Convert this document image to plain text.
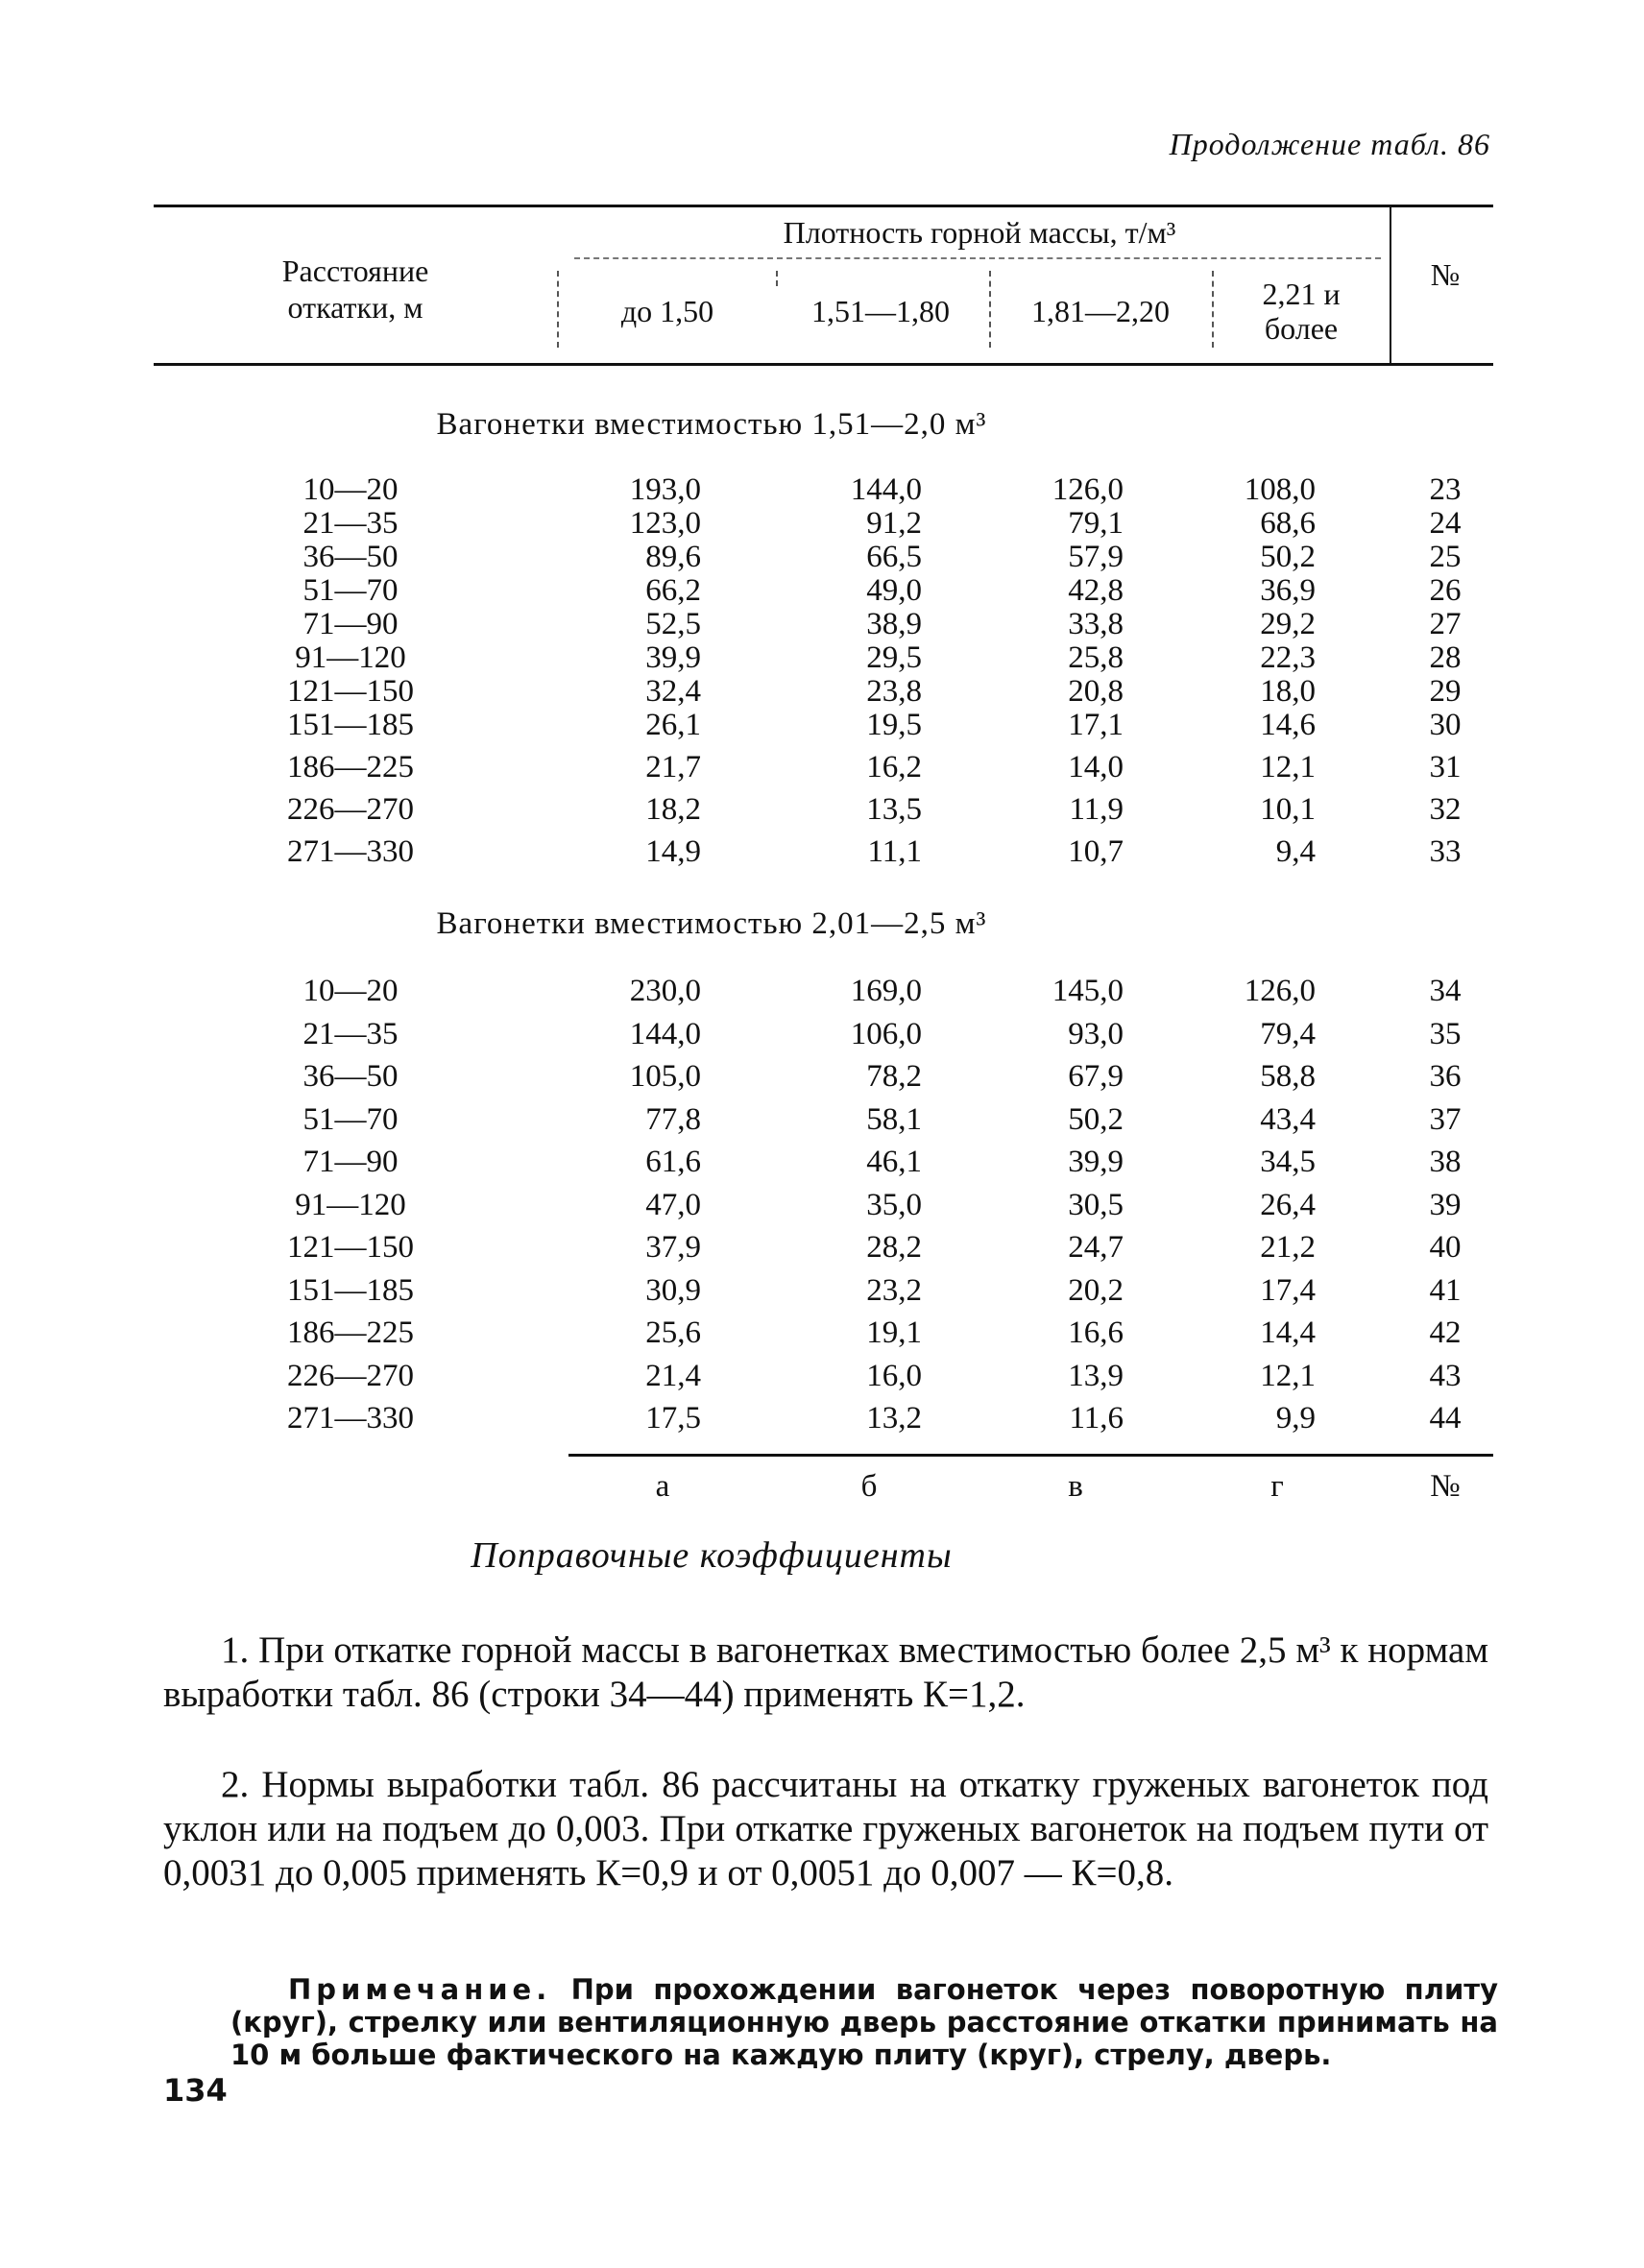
Продолжение табл. 86
Расстояние
откатки, м
Плотность горной массы, т/м³
до 1,50	1,51—1,80	1,81—2,20	2,21 и
более
№
Вагонетки вместимостью 1,51—2,0 м³
10—20	193,0	144,0	126,0	108,0	23
21—35	123,0	91,2	79,1	68,6	24
36—50	89,6	66,5	57,9	50,2	25
51—70	66,2	49,0	42,8	36,9	26
71—90	52,5	38,9	33,8	29,2	27
91—120	39,9	29,5	25,8	22,3	28
121—150	32,4	23,8	20,8	18,0	29
151—185	26,1	19,5	17,1	14,6	30
186—225	21,7	16,2	14,0	12,1	31
226—270	18,2	13,5	11,9	10,1	32
271—330	14,9	11,1	10,7	9,4	33
Вагонетки вместимостью 2,01—2,5 м³
10—20	230,0	169,0	145,0	126,0	34
21—35	144,0	106,0	93,0	79,4	35
36—50	105,0	78,2	67,9	58,8	36
51—70	77,8	58,1	50,2	43,4	37
71—90	61,6	46,1	39,9	34,5	38
91—120	47,0	35,0	30,5	26,4	39
121—150	37,9	28,2	24,7	21,2	40
151—185	30,9	23,2	20,2	17,4	41
186—225	25,6	19,1	16,6	14,4	42
226—270	21,4	16,0	13,9	12,1	43
271—330	17,5	13,2	11,6	9,9	44
а	б	в	г	№
Поправочные коэффициенты
1. При откатке горной массы в вагонетках вместимостью более 2,5 м³ к нормам выработки табл. 86 (строки 34—44) применять К=1,2.
2. Нормы выработки табл. 86 рассчитаны на откатку груженых вагонеток под уклон или на подъем до 0,003. При откатке груженых вагонеток на подъем пути от 0,0031 до 0,005 применять К=0,9 и от 0,0051 до 0,007 — К=0,8.
Примечание. При прохождении вагонеток через поворотную плиту (круг), стрелку или вентиляционную дверь расстояние откатки принимать на 10 м больше фактического на каждую плиту (круг), стрелу, дверь.
134
